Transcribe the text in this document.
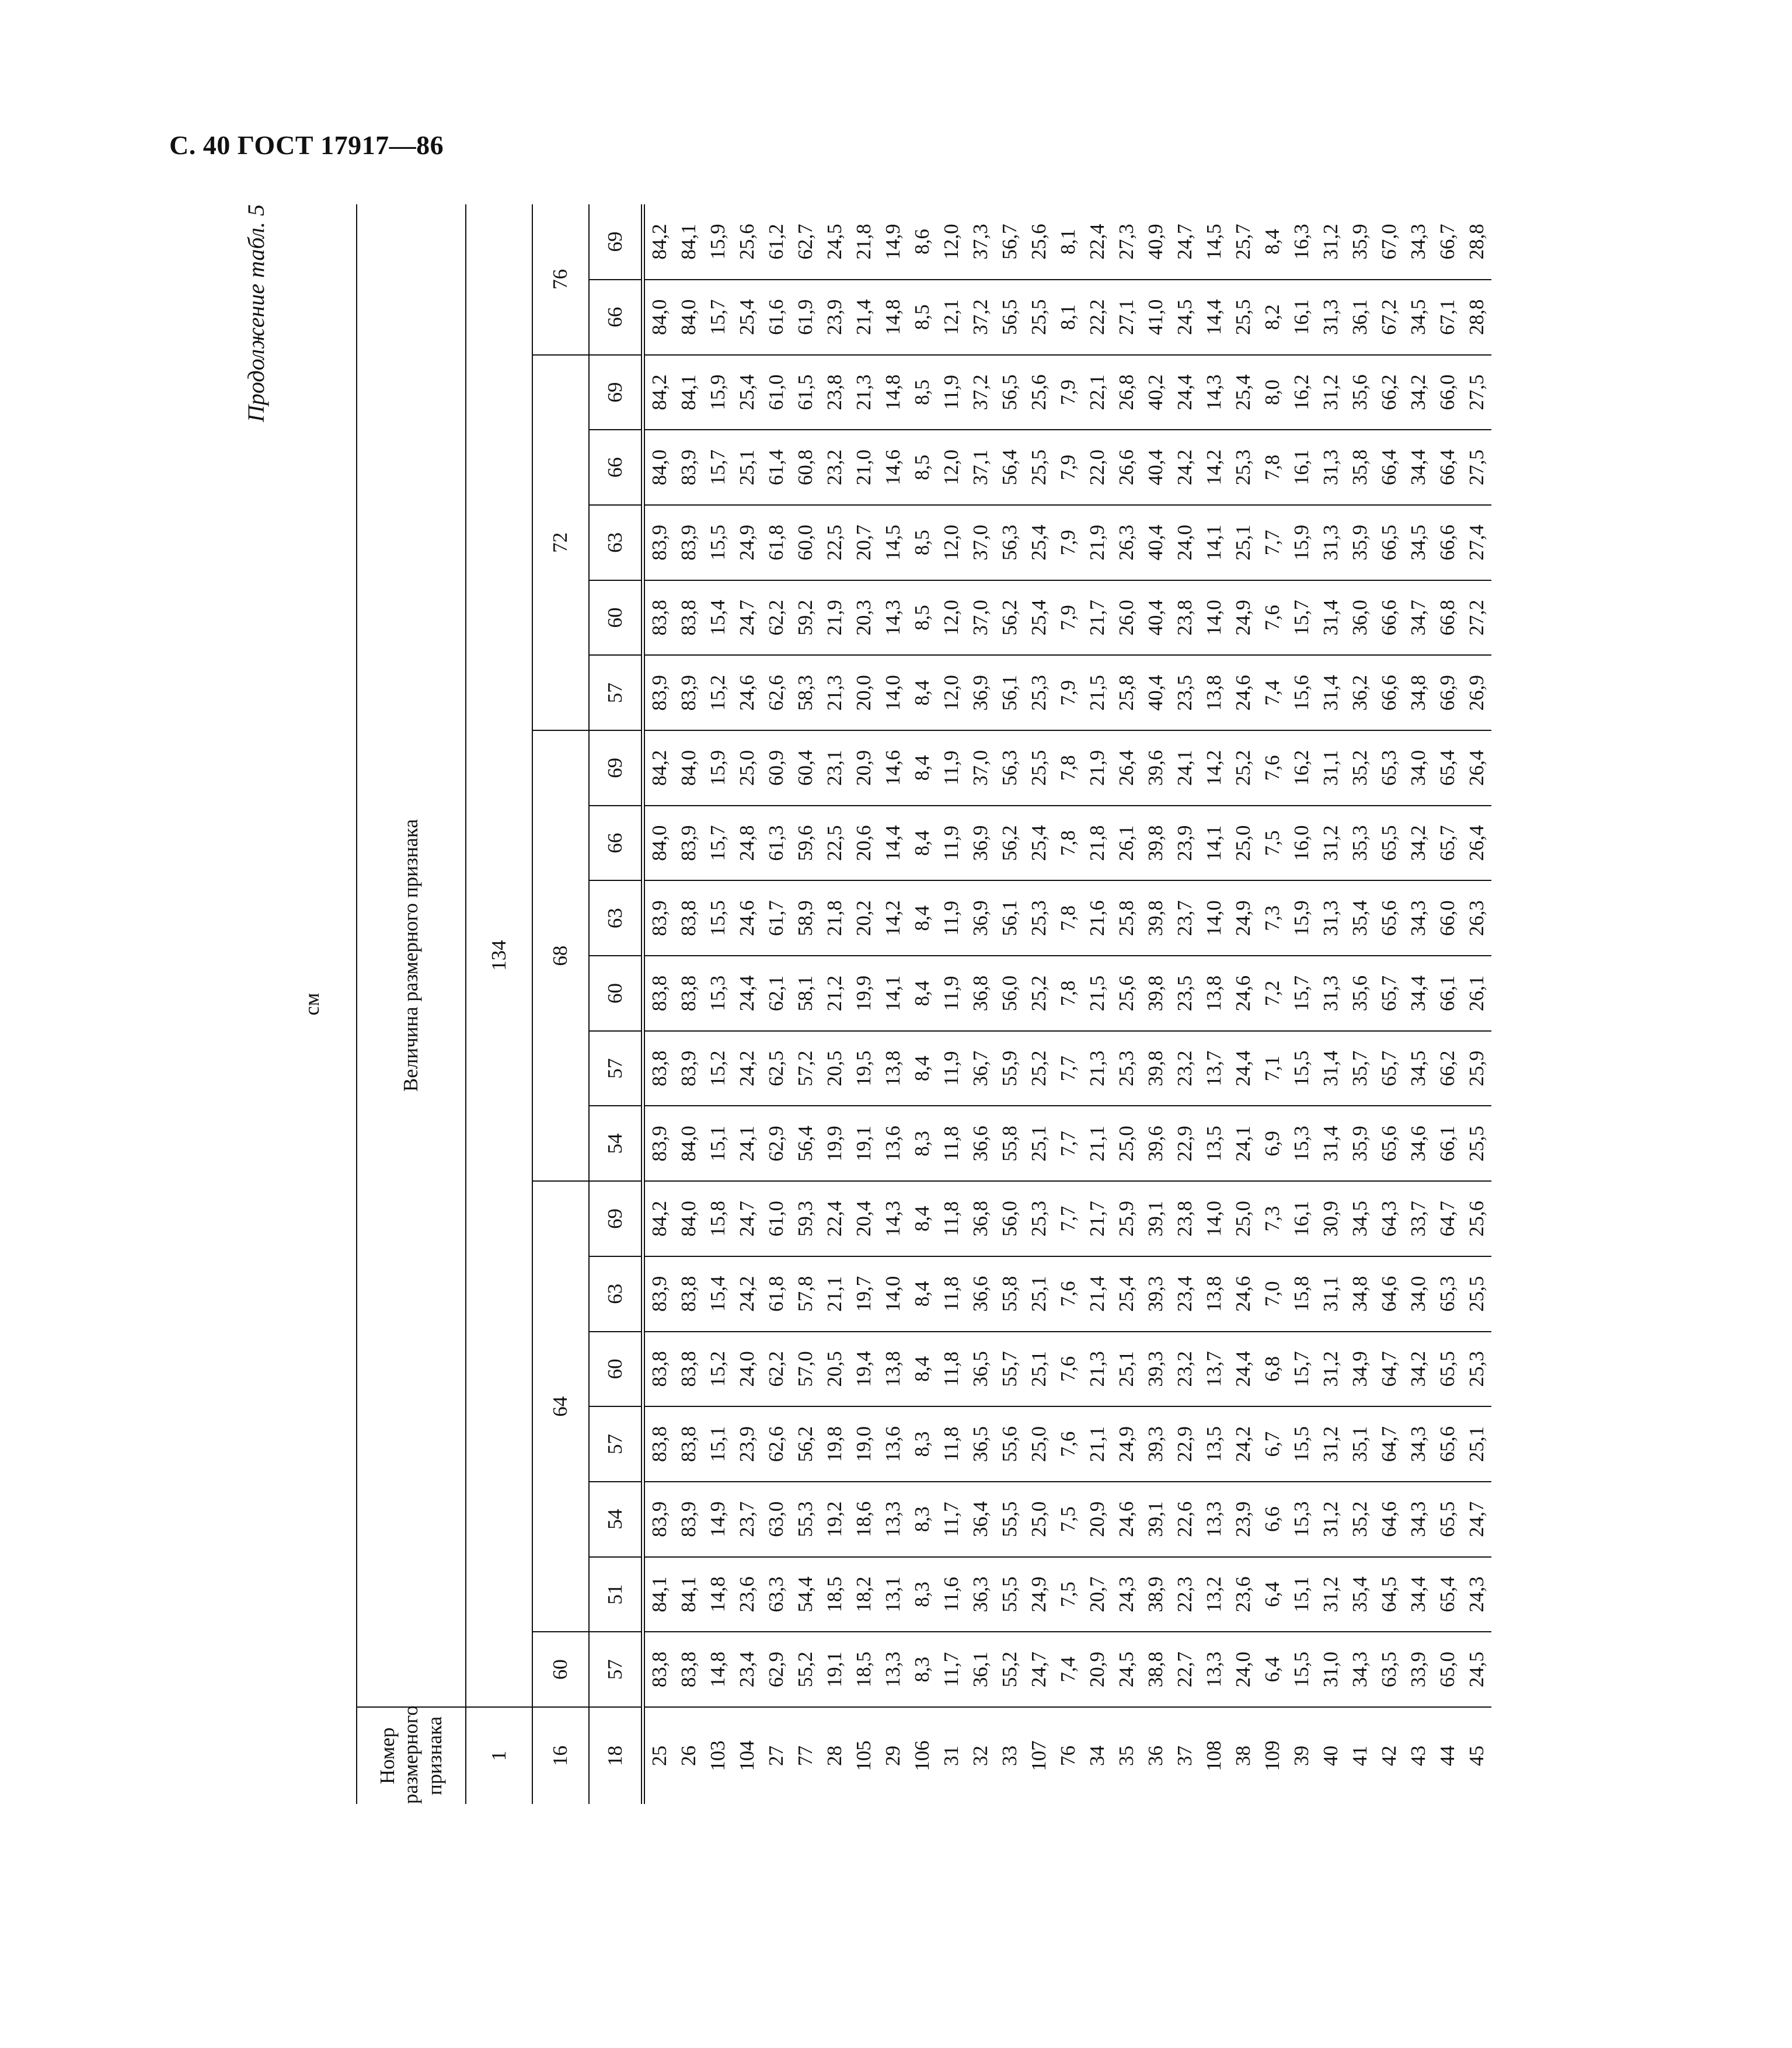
С. 40 ГОСТ 17917—86
Продолжение табл. 5
см
Номер размерного признака	Величина размерного признака																			
1	134																			
16	60	64						68						72					76	
18	57	51	54	57	60	63	69	54	57	60	63	66	69	57	60	63	66	69	66	69
25	83,8	84,1	83,9	83,8	83,8	83,9	84,2	83,9	83,8	83,8	83,9	84,0	84,2	83,9	83,8	83,9	84,0	84,2	84,0	84,2
26	83,8	84,1	83,9	83,8	83,8	83,8	84,0	84,0	83,9	83,8	83,8	83,9	84,0	83,9	83,8	83,9	83,9	84,1	84,0	84,1
103	14,8	14,8	14,9	15,1	15,2	15,4	15,8	15,1	15,2	15,3	15,5	15,7	15,9	15,2	15,4	15,5	15,7	15,9	15,7	15,9
104	23,4	23,6	23,7	23,9	24,0	24,2	24,7	24,1	24,2	24,4	24,6	24,8	25,0	24,6	24,7	24,9	25,1	25,4	25,4	25,6
27	62,9	63,3	63,0	62,6	62,2	61,8	61,0	62,9	62,5	62,1	61,7	61,3	60,9	62,6	62,2	61,8	61,4	61,0	61,6	61,2
77	55,2	54,4	55,3	56,2	57,0	57,8	59,3	56,4	57,2	58,1	58,9	59,6	60,4	58,3	59,2	60,0	60,8	61,5	61,9	62,7
28	19,1	18,5	19,2	19,8	20,5	21,1	22,4	19,9	20,5	21,2	21,8	22,5	23,1	21,3	21,9	22,5	23,2	23,8	23,9	24,5
105	18,5	18,2	18,6	19,0	19,4	19,7	20,4	19,1	19,5	19,9	20,2	20,6	20,9	20,0	20,3	20,7	21,0	21,3	21,4	21,8
29	13,3	13,1	13,3	13,6	13,8	14,0	14,3	13,6	13,8	14,1	14,2	14,4	14,6	14,0	14,3	14,5	14,6	14,8	14,8	14,9
106	8,3	8,3	8,3	8,3	8,4	8,4	8,4	8,3	8,4	8,4	8,4	8,4	8,4	8,4	8,5	8,5	8,5	8,5	8,5	8,6
31	11,7	11,6	11,7	11,8	11,8	11,8	11,8	11,8	11,9	11,9	11,9	11,9	11,9	12,0	12,0	12,0	12,0	11,9	12,1	12,0
32	36,1	36,3	36,4	36,5	36,5	36,6	36,8	36,6	36,7	36,8	36,9	36,9	37,0	36,9	37,0	37,0	37,1	37,2	37,2	37,3
33	55,2	55,5	55,5	55,6	55,7	55,8	56,0	55,8	55,9	56,0	56,1	56,2	56,3	56,1	56,2	56,3	56,4	56,5	56,5	56,7
107	24,7	24,9	25,0	25,0	25,1	25,1	25,3	25,1	25,2	25,2	25,3	25,4	25,5	25,3	25,4	25,4	25,5	25,6	25,5	25,6
76	7,4	7,5	7,5	7,6	7,6	7,6	7,7	7,7	7,7	7,8	7,8	7,8	7,8	7,9	7,9	7,9	7,9	7,9	8,1	8,1
34	20,9	20,7	20,9	21,1	21,3	21,4	21,7	21,1	21,3	21,5	21,6	21,8	21,9	21,5	21,7	21,9	22,0	22,1	22,2	22,4
35	24,5	24,3	24,6	24,9	25,1	25,4	25,9	25,0	25,3	25,6	25,8	26,1	26,4	25,8	26,0	26,3	26,6	26,8	27,1	27,3
36	38,8	38,9	39,1	39,3	39,3	39,3	39,1	39,6	39,8	39,8	39,8	39,8	39,6	40,4	40,4	40,4	40,4	40,2	41,0	40,9
37	22,7	22,3	22,6	22,9	23,2	23,4	23,8	22,9	23,2	23,5	23,7	23,9	24,1	23,5	23,8	24,0	24,2	24,4	24,5	24,7
108	13,3	13,2	13,3	13,5	13,7	13,8	14,0	13,5	13,7	13,8	14,0	14,1	14,2	13,8	14,0	14,1	14,2	14,3	14,4	14,5
38	24,0	23,6	23,9	24,2	24,4	24,6	25,0	24,1	24,4	24,6	24,9	25,0	25,2	24,6	24,9	25,1	25,3	25,4	25,5	25,7
109	6,4	6,4	6,6	6,7	6,8	7,0	7,3	6,9	7,1	7,2	7,3	7,5	7,6	7,4	7,6	7,7	7,8	8,0	8,2	8,4
39	15,5	15,1	15,3	15,5	15,7	15,8	16,1	15,3	15,5	15,7	15,9	16,0	16,2	15,6	15,7	15,9	16,1	16,2	16,1	16,3
40	31,0	31,2	31,2	31,2	31,2	31,1	30,9	31,4	31,4	31,3	31,3	31,2	31,1	31,4	31,4	31,3	31,3	31,2	31,3	31,2
41	34,3	35,4	35,2	35,1	34,9	34,8	34,5	35,9	35,7	35,6	35,4	35,3	35,2	36,2	36,0	35,9	35,8	35,6	36,1	35,9
42	63,5	64,5	64,6	64,7	64,7	64,6	64,3	65,6	65,7	65,7	65,6	65,5	65,3	66,6	66,6	66,5	66,4	66,2	67,2	67,0
43	33,9	34,4	34,3	34,3	34,2	34,0	33,7	34,6	34,5	34,4	34,3	34,2	34,0	34,8	34,7	34,5	34,4	34,2	34,5	34,3
44	65,0	65,4	65,5	65,6	65,5	65,3	64,7	66,1	66,2	66,1	66,0	65,7	65,4	66,9	66,8	66,6	66,4	66,0	67,1	66,7
45	24,5	24,3	24,7	25,1	25,3	25,5	25,6	25,5	25,9	26,1	26,3	26,4	26,4	26,9	27,2	27,4	27,5	27,5	28,8	28,8
